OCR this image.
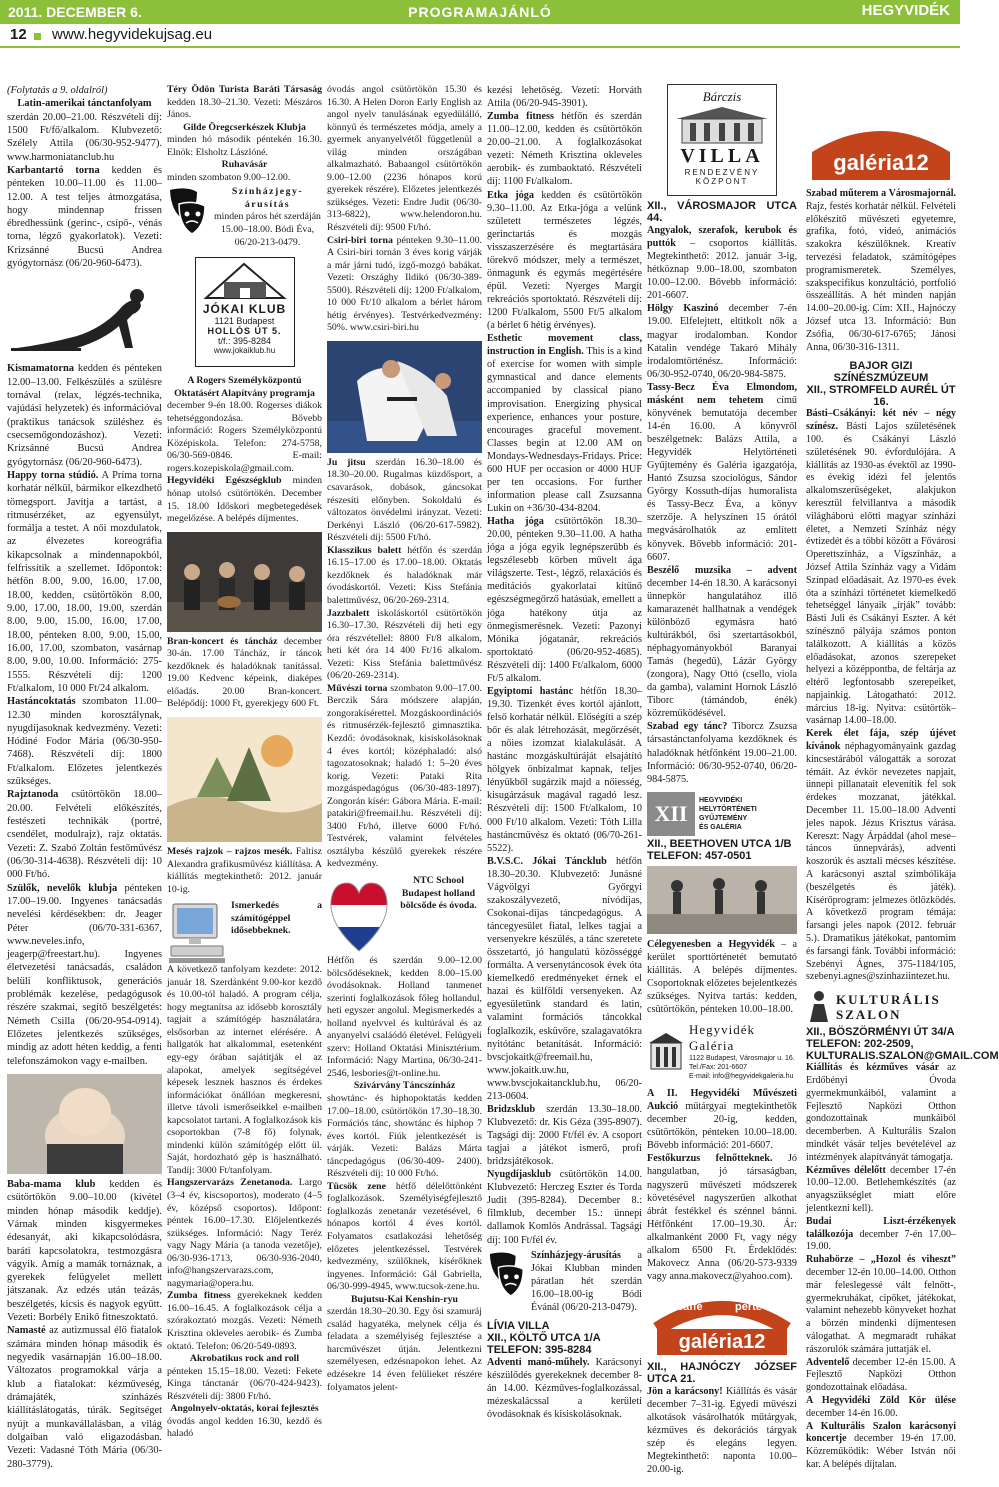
2011. DECEMBER 6.	PROGRAMAJÁNLÓ	HEGYVIDÉK
12 www.hegyvidekujsag.eu

(Folytatás a 9. oldalról)

Latin-amerikai tánctanfolyam

szerdán 20.00–21.00. Részvételi díj: 1500 Ft/fő/alkalom. Klubvezető: Szélely Attila (06/30-952-9477). www.harmoniatanclub.hu

Karbantartó torna kedden és pénteken 10.00–11.00 és 11.00–12.00. A test teljes átmozgatása, hogy mindennap frissen ébredhessünk (gerinc-, csípő-, vénás torna, légző gyakorlatok). Vezeti: Krizsánné Bucsú Andrea gyógytornász (06/20-960-6473).

Kismamatorna kedden és pénteken 12.00–13.00. Felkészülés a szülésre tornával (relax, légzés-technika, vajúdási helyzetek) és információval (praktikus tanácsok szüléshez és csecsemőgondozáshoz). Vezeti: Krizsánné Bucsú Andrea gyógytornász (06/20-960-6473).

Happy torna stúdió. A Príma torna korhatár nélkül, bármikor elkezdhető tömegsport. Javítja a tartást, a ritmusérzéket, az egyensúlyt, formálja a testet. A női mozdulatok, az élvezetes koreográfia kikapcsolnak a mindennapokból, felfrissítik a szellemet. Időpontok: hétfőn 8.00, 9.00, 16.00, 17.00, 18.00, kedden, csütörtökön 8.00, 9.00, 17.00, 18.00, 19.00, szerdán 8.00, 9.00, 15.00, 16.00, 17.00, 18.00, pénteken 8.00, 9.00, 15.00, 16.00, 17.00, szombaton, vasárnap 8.00, 9.00, 10.00. Információ: 275-1555. Részvételi díj: 1200 Ft/alkalom, 10 000 Ft/24 alkalom.

Hastáncoktatás szombaton 11.00–12.30 minden korosztálynak, nyugdíjasoknak kedvezmény. Vezeti: Hódiné Fodor Mária (06/30-950-7468). Részvételi díj: 1800 Ft/alkalom. Előzetes jelentkezés szükséges.

Rajztanoda csütörtökön 18.00–20.00. Felvételi előkészítés, festészeti technikák (portré, csendélet, modulrajz), rajz oktatás. Vezeti: Z. Szabó Zoltán festőművész (06/30-314-4638). Részvételi díj: 10 000 Ft/hó.

Szülők, nevelők klubja pénteken 17.00–19.00. Ingyenes tanácsadás nevelési kérdésekben: dr. Jeager Péter (06/70-331-6367, www.neveles.info, jeagerp@freestart.hu). Ingyenes életvezetési tanácsadás, családon belüli konfliktusok, generációs problémák kezelése, pedagógusok részére szakmai, segítő beszélgetés: Németh Csilla (06/20-954-0914). Előzetes jelentkezés szükséges, mindig az adott héten keddig, a fenti telefonszámokon vagy e-mailben.

Baba-mama klub kedden és csütörtökön 9.00–10.00 (kivétel minden hónap második keddje). Várnak minden kisgyermekes édesanyát, aki kikapcsolódásra, baráti kapcsolatokra, testmozgásra vágyik. Amíg a mamák tornáznak, a gyerekek felügyelet mellett játszanak. Az edzés után teázás, beszélgetés, kicsis és nagyok együtt. Vezeti: Borbély Enikő fitneszoktató.

Namasté az autizmussal élő fiatalok számára minden hónap második és negyedik vasárnapján 16.00–18.00. Változatos programokkal várja a klub a fiatalokat: kézműveség, drámajáték, színházés kiállításlátogatás, túrák. Segítséget nyújt a munkavállalásban, a világ dolgaiban való eligazodásban. Vezeti: Vadasné Tóth Mária (06/30-280-3779).

Téry Ödön Turista Baráti Társaság kedden 18.30–21.30. Vezeti: Mészáros János.

Gilde Öregcserkészek Klubja

minden hó második péntekén 16.30. Elnök: Elsholtz Lászlóné.

Ruhavásár

minden szombaton 9.00–12.00.

Színházjegy-árusítás

minden páros hét szerdáján 15.00–18.00. Bódi Éva, 06/20-213-0479.

JÓKAI KLUB
1121 Budapest
HOLLÓS ÚT 5.
t/f.: 395-8284
www.jokaiklub.hu
A Rogers Személyközpontú Oktatásért Alapítvány programja

december 9-én 18.00. Rogerses diákok tehetséggondozása. Bővebb információ: Rogers Személyközpontú Középiskola. Telefon: 274-5758, 06/30-569-0846. E-mail: rogers.kozepiskola@gmail.com.

Hegyvidéki Egészségklub minden hónap utolsó csütörtökén. December 15. 18.00 Időskori megbetegedések megelőzése. A belépés díjmentes.

Bran-koncert és táncház december 30-án. 17.00 Táncház, ír táncok kezdőknek és haladóknak tanítással. 19.00 Kedvenc képeink, diaképes előadás. 20.00 Bran-koncert. Belépődíj: 1000 Ft, gyerekjegy 600 Ft.

Mesés rajzok – rajzos mesék. Faltisz Alexandra grafikusművész kiállítása. A kiállítás megtekinthető: 2012. január 10-ig.

Ismerkedés a számítógéppel idősebbeknek.

A következő tanfolyam kezdete: 2012. január 18. Szerdánként 9.00-kor kezdő és 10.00-tól haladó. A program célja, hogy megtanítsa az idősebb korosztály tagjait a számítógép használatára, elsősorban az internet elérésére. A hallgatók hat alkalommal, esetenként egy-egy órában sajátítják el az alapokat, amelyek segítségével képesek lesznek hasznos és érdekes információkat önállóan megkeresni, illetve távoli ismerőseikkel e-mailben kapcsolatot tartani. A foglalkozások kis csoportokban (7-8 fő) folynak, mindenki külön számítógép előtt ül. Saját, hordozható gép is használható. Tandíj: 3000 Ft/tanfolyam.

Hangszervarázs Zenetanoda. Largo (3–4 év, kiscsoportos), moderato (4–5 év, középső csoportos). Időpont: péntek 16.00–17.30. Előjelentkezés szükséges. Információ: Nagy Teréz vagy Nagy Mária (a tanoda vezetője), 06/30-936-1713, 06/30-936-2040, info@hangszervarazs.com, nagymaria@opera.hu.

Zumba fitness gyerekeknek kedden 16.00–16.45. A foglalkozások célja a szórakoztató mozgás. Vezeti: Németh Krisztina okleveles aerobik- és Zumba oktató. Telefon: 06/20-549-0893.

Akrobatikus rock and roll

pénteken 15.15–18.00. Vezeti: Fekete Kinga tánctanár (06/70-424-9423). Részvételi díj: 3800 Ft/hó.

Angolnyelv-oktatás, korai fejlesztés

óvodás angol kedden 16.30, kezdő és haladó

óvodás angol csütörtökön 15.30 és 16.30. A Helen Doron Early English az angol nyelv tanulásának egyedülálló, könnyű és természetes módja, amely a gyermek anyanyelvétől függetlenül a világ minden országában alkalmazható. Babaangol csütörtökön 9.00–12.00 (2236 hónapos korú gyerekek részére). Előzetes jelentkezés szükséges. Vezeti: Endre Judit (06/30-313-6822), www.helendoron.hu. Részvételi díj: 9500 Ft/hó.

Csiri-biri torna pénteken 9.30–11.00. A Csiri-biri tornán 3 éves korig várják a már járni tudó, izgő-mozgó babákat. Vezeti: Országhy Ildikó (06/30-389-5500). Részvételi díj: 1200 Ft/alkalom, 10 000 Ft/10 alkalom a bérlet három hétig érvényes). Testvérkedvezmény: 50%. www.csiri-biri.hu

Ju jitsu szerdán 16.30–18.00 és 18.30–20.00. Rugalmas küzdősport, a csavarások, dobások, gáncsokat részesíti előnyben. Sokoldalú és változatos önvédelmi irányzat. Vezeti: Derkényi László (06/20-617-5982). Részvételi díj: 5500 Ft/hó.

Klasszikus balett hétfőn és szerdán 16.15–17.00 és 17.00–18.00. Oktatás kezdőknek és haladóknak már óvodáskortól. Vezeti: Kiss Stefánia balettművész, 06/20-269-2314.

Jazzbalett iskoláskortól csütörtökön 16.30–17.30. Részvételi díj heti egy óra részvétellel: 8800 Ft/8 alkalom, heti két óra 14 400 Ft/16 alkalom. Vezeti: Kiss Stefánia balettművész (06/20-269-2314).

Művészi torna szombaton 9.00–17.00. Berczik Sára módszere alapján, zongorakísérettel. Mozgáskoordinációs és ritmusérzék-fejlesztő gimnasztika. Kezdő: óvodásoknak, kisiskolásoknak 4 éves kortól; középhaladó: alsó tagozatosoknak; haladó 1: 5–20 éves korig. Vezeti: Pataki Rita mozgáspedagógus (06/30-483-1897). Zongorán kísér: Gábora Mária. E-mail: patakiri@freemail.hu. Részvételi díj: 3400 Ft/hó, illetve 6000 Ft/hó. Testvérek, valamint felvételes osztályba készülő gyerekek részére kedvezmény.

NTC School Budapest holland bölcsőde és óvoda.

Hétfőn és szerdán 9.00–12.00 bölcsődéseknek, kedden 8.00–15.00 óvodásoknak. Holland tanmenet szerinti foglalkozások főleg hollandul, heti egyszer angolul. Megismerkedés a holland nyelvvel és kultúrával és az anyanyelvi csaláódó életével. Felügyeli szerv: Holland Oktatási Minisztérium. Információ: Nagy Martina, 06/30-241-2546, lesbories@t-online.hu.

Szivárvány Táncszínház

showtánc- és hiphopoktatás kedden 17.00–18.00, csütörtökön 17.30–18.30. Formációs tánc, showtánc és hiphop 7 éves kortól. Fiúk jelentkezését is várják. Vezeti: Balázs Márta táncpedagógus (06/30-409- 2400). Részvételi díj: 10 000 Ft/hó.

Tücsök zene hétfő délelőttönként foglalkozások. Személyiségfejlesztő foglalkozás zenetanár vezetésével, 6 hónapos kortól 4 éves kortól. Folyamatos csatlakozási lehetőség előzetes jelentkezéssel. Testvérek kedvezmény, szülőknek, kísérőknek ingyenes. Információ: Gál Gabriella, 06/30-999-4945, www.tucsok-zene.hu.

Bujutsu-Kai Kenshin-ryu

szerdán 18.30–20.30. Egy ősi szamuráj család hagyatéka, melynek célja és feladata a személyiség fejlesztése a harcművészet útján. Jelentkezni személyesen, edzésnapokon lehet. Az edzésekre 14 éven felülieket részére folyamatos jelent-

kezési lehetőség. Vezeti: Horváth Attila (06/20-945-3901).

Zumba fitness hétfőn és szerdán 11.00–12.00, kedden és csütörtökön 20.00–21.00. A foglalkozásokat vezeti: Németh Krisztina okleveles aerobik- és zumbaoktató. Részvételi díj: 1100 Ft/alkalom.

Etka jóga kedden és csütörtökön 9.30–11.00. Az Etka-jóga a velünk született természetes légzés, gerinctartás és mozgás visszaszerzésére és megtartására törekvő módszer, mely a természet, önmagunk és egymás megértésére épül. Vezeti: Nyerges Margit rekreációs sportoktató. Részvételi díj: 1200 Ft/alkalom, 5500 Ft/5 alkalom (a bérlet 6 hétig érvényes).

Esthetic movement class, instruction in English. This is a kind of exercise for women with simple gymnastical and dance elements accompanied by classical piano improvisation. Energizing physical experience, enhances your posture, encourages graceful movement. Classes begin at 12.00 AM on Mondays-Wednesdays-Fridays. Price: 600 HUF per occasion or 4000 HUF per ten occasions. For further information please call Zsuzsanna Lukin on +36/30-434-8204.

Hatha jóga csütörtökön 18.30–20.00, pénteken 9.30–11.00. A hatha jóga a jóga egyik legnépszerűbb és legszélesebb körben művelt ága világszerte. Test-, légző, relaxációs és meditációs gyakorlatai kitűnő egészségmegőrző hatásúak, emellett a jóga hatékony útja az önmegismerésnek. Vezeti: Pazonyi Mónika jógatanár, rekreációs sportoktató (06/20-952-4685). Részvételi díj: 1400 Ft/alkalom, 6000 Ft/5 alkalom.

Egyiptomi hastánc hétfőn 18.30–19.30. Tizenkét éves kortól ajánlott, felső korhatár nélkül. Előségíti a szép bőr és alak létrehozását, megőrzését, a nőies izomzat kialakulását. A hastánc mozgáskultúráját elsajátító hölgyek önbizalmat kapnak, teljes lényükből sugárzik majd a nőiesség, kisugárzásuk magával ragadó lesz. Részvételi díj: 1500 Ft/alkalom, 10 000 Ft/10 alkalom. Vezeti: Tóth Lilla hastáncművész és oktató (06/70-261-5522).

B.V.S.C. Jókai Táncklub hétfőn 18.30–20.30. Klubvezető: Junásné Vágvölgyi Győrgyi szakoszályvezető, nívódíjas, Csokonai-díjas táncpedagógus. A táncegyesület fiatal, lelkes tagjai a versenyekre készülés, a tánc szeretete összetartó, jó hangulatú közösséggé formálta. A versenytáncosok évek óta kiemelkedő eredményeket érnek el hazai és külföldi versenyeken. Az egyesületünk standard és latin, valamint formációs táncokkal foglalkozik, esküvőre, szalagavatókra nyitótánc betanítását. Információ: bvscjokaitk@freemail.hu, www.jokaitk.uw.hu, www.bvscjokaitancklub.hu, 06/20-213-0604.

Bridzsklub szerdán 13.30–18.00. Klubvezető: dr. Kis Géza (395-8907). Tagsági díj: 2000 Ft/fél év. A csoport tagjai a játékot ismerő, profi bridzsjátékosok.

Nyugdíjasklub csütörtökön 14.00. Klubvezető: Herczeg Eszter és Torda Judit (395-8284). December 8.: filmklub, december 15.: ünnepi dallamok Komlós Andrással. Tagsági díj: 100 Ft/fél év.

Színházjegy-árusítás a Jókai Klubban minden páratlan hét szerdán 16.00–18.00-ig Bódi Évánál (06/20-213-0479).
LÍVIA VILLA
XII., KÖLTŐ UTCA 1/A
TELEFON: 395-8284

Adventi manó-műhely. Karácsonyi készülődés gyerekeknek december 8-án 14.00. Kézműves-foglalkozással, mézeskalácssal a kerületi óvodásoknak és kisiskolásoknak.

Bárczis
VILLA
RENDEZVÉNY
KÖZPONT
XII., VÁROSMAJOR UTCA 44.

Angyalok, szerafok, kerubok és puttók – csoportos kiállítás. Megtekinthető: 2012. január 3-ig, hétköznap 9.00–18.00, szombaton 10.00–12.00. Bővebb információ: 201-6607.

Hölgy Kaszinó december 7-én 19.00. Elfelejtett, eltitkolt nők a magyar irodalomban. Kondor Katalin vendége Takaró Mihály irodalomtörténész. Információ: 06/30-952-0740, 06/20-984-5875.

Tassy-Becz Éva Elmondom, másként nem tehetem című könyvének bemutatója december 14-én 16.00. A könyvről beszélgetnek: Balázs Attila, a Hegyvidék Helytörténeti Gyűjtemény és Galéria igazgatója, Hantó Zsuzsa szociológus, Sándor György Kossuth-díjas humoralista és Tassy-Becz Éva, a könyv szerzője. A helyszínen 15 órától megvásárolhatók az említett könyvek. Bővebb információ: 201-6607.

Beszélő muzsika – advent december 14-én 18.30. A karácsonyi ünnepkör hangulatához illő kamarazenét hallhatnak a vendégek különböző egymásra ható kultúrákból, ősi szertartásokból, néphagyományokból Baranyai Tamás (hegedű), Lázár György (zongora), Nagy Ottó (csello, viola da gamba), valamint Hornok László Tiborc (támándob, énék) közreműködésével.

Szabad egy tánc? Tiborcz Zsuzsa társastánctanfolyama kezdőknek és haladóknak hétfőnként 19.00–21.00. Információ: 06/30-952-0740, 06/20-984-5875.

XII
HEGYVIDÉKI
HELYTÖRTÉNETI
GYŰJTEMÉNY
ÉS GALÉRIA
XII., BEETHOVEN UTCA 1/B
TELEFON: 457-0501

Célegyenesben a Hegyvidék – a kerület sporttörténetét bemutató kiállítás. A belépés díjmentes. Csoportoknak előzetes bejelentkezés szükséges. Nyitva tartás: kedden, csütörtökön, pénteken 10.00–18.00.

Hegyvidék Galéria
1122 Budapest, Városmajor u. 16.
Tel./Fax: 201-6607
E-mail: info@hegyvidekgaleria.hu

A II. Hegyvidéki Művészeti Aukció műtárgyai megtekinthetők december 20-ig, kedden, csütörtökön, pénteken 10.00–18.00. Bővebb információ: 201-6607.

Festőkurzus felnőtteknek. Jó hangulatban, jó társaságban, nagyszerű művészeti módszerek követésével nagyszerűen alkothat ábrát festékkel és szénnel bánni. Hétfőnként 17.00–19.30. Ár: alkalmanként 2000 Ft, vagy négy alkalom 6500 Ft. Érdeklődés: Makovecz Anna (06/20-573-9339 vagy anna.makovecz@yahoo.com).

caffé	perté
galéria12
XII., HAJNÓCZY JÓZSEF UTCA 21.

Jön a karácsony! Kiállítás és vásár december 7–31-ig. Egyedi művészi alkotások vásárolhatók műtárgyak, kézműves és dekorációs tárgyak szép és elegáns legyen. Megtekinthető: naponta 10.00–20.00-ig.

galéria12

Szabad műterem a Városmajornál. Rajz, festés korhatár nélkül. Felvételi előkészítő művészeti egyetemre, grafika, fotó, videó, animációs szakokra készülőknek. Kreatív tervezési feladatok, számítógépes programismeretek. Személyes, szakspecifikus konzultáció, portfolió összeállítás. A hét minden napján 14.00–20.00-ig. Cím: XII., Hajnóczy József utca 13. Információ: Bun Zsófia, 06/30-617-6765; Jánosi Anna, 06/30-316-1311.

BAJOR GIZI SZÍNÉSZMÚZEUM
XII., STROMFELD AURÉL ÚT 16.

Básti–Csákányi: két név – négy színész. Básti Lajos születésének 100. és Csákányi László születésének 90. évfordulójára. A kiállítás az 1930-as évektől az 1990-es évekig idézi fel jelentős alkalomszerűségeket, alakjukon keresztül felvillantva a második világháború előtti magyar színházi életet, a Nemzeti Színház négy évtizedét és a többi között a Fővárosi Operettszínház, a Vígszínház, a József Attila Színház vagy a Vidám Színpad előadásait. Az 1970-es évek óta a színházi történetet kiemelkedő tehetséggel lányaik „írják” tovább: Básti Juli és Csákányi Eszter. A két színésznő pályája számos ponton találkozott. A kiállítás a közös előadásokat, azonos szerepeket helyezi a középpontba, de feltárja az eltérő legfontosabb szerepeiket, napjainkig. Látogatható: 2012. március 18-ig. Nyitva: csütörtök–vasárnap 14.00–18.00.

Kerek élet fája, szép újévet kívánok néphagyományaink gazdag kincsestárából válogatták a sorozat témáit. Az évkör nevezetes napjait, ünnepi pillanatait elevenítik fel sok érdekes mozzanat, játékkal. December 11. 15.00–18.00 Adventi jeles napok. Jézus Krisztus várása. Kereszt: Nagy Árpáddal (ahol mese–táncos ünnepvárás), adventi koszorúk és asztali mécses készítése. A karácsonyi asztal szimbólikája (beszélgetés és játék). Kísérőprogram: jelmezes ötlözködés. A következő program témája: farsangi jeles napok (2012. február 5.). Dramatikus játékokat, pantomim és farsangi fánk. További információ: Szebényi Ágnes, 375-1184/105, szebenyi.agnes@szinhaziintezet.hu.

KULTURÁLIS SZALON
XII., BÖSZÖRMÉNYI ÚT 34/A
TELEFON: 202-2509,
KULTURALIS.SZALON@GMAIL.COM

Kiállítás és kézműves vásár az Erdőbényi Óvoda gyermekmunkáiból, valamint a Fejlesztő Napközi Otthon gondozottainak munkáiból decemberben. A Kulturális Szalon mindkét vásár teljes bevételével az intézmények alapítványát támogatja.

Kézműves délelőtt december 17-én 10.00–12.00. Betlehemkészítés (az anyagszükséglet miatt előre jelentkezni kell).

Budai Liszt-érzékenyek találkozója december 7-én 17.00–19.00.

Ruhabörze – „Hozol és viheszt” december 12-én 10.00–14.00. Otthon már feleslegessé vált felnőtt-, gyermekruhákat, cipőket, játékokat, valamint nehezebb könyveket hozhat a börzén mindenki díjmentesen válogathat. A megmaradt ruhákat rászorulók számára juttatják el.

Adventelő december 12-én 15.00. A Fejlesztő Napközi Otthon gondozottainak előadása.

A Hegyvidéki Zöld Kör ülése december 14-én 16.00.

A Kulturális Szalon karácsonyi koncertje december 19-én 17.00. Közreműködik: Wéber István női kar. A belépés díjtalan.
